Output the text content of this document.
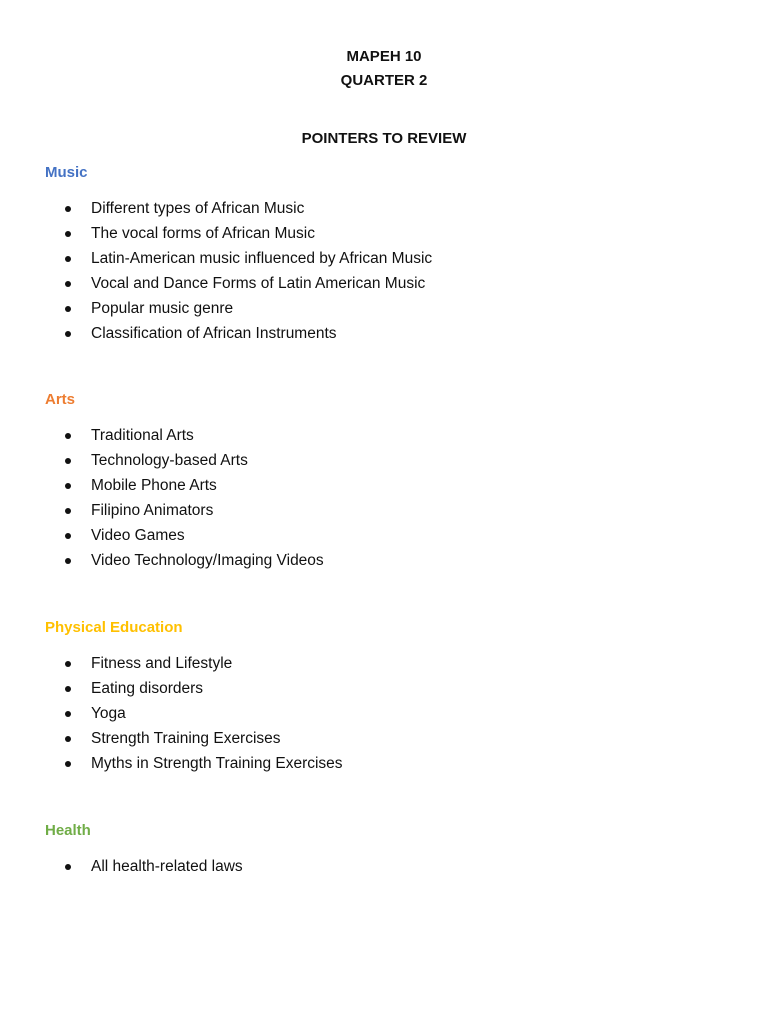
MAPEH 10
QUARTER 2
POINTERS TO REVIEW
Music
Different types of African Music
The vocal forms of African Music
Latin-American music influenced by African Music
Vocal and Dance Forms of Latin American Music
Popular music genre
Classification of African Instruments
Arts
Traditional Arts
Technology-based Arts
Mobile Phone Arts
Filipino Animators
Video Games
Video Technology/Imaging Videos
Physical Education
Fitness and Lifestyle
Eating disorders
Yoga
Strength Training Exercises
Myths in Strength Training Exercises
Health
All health-related laws
